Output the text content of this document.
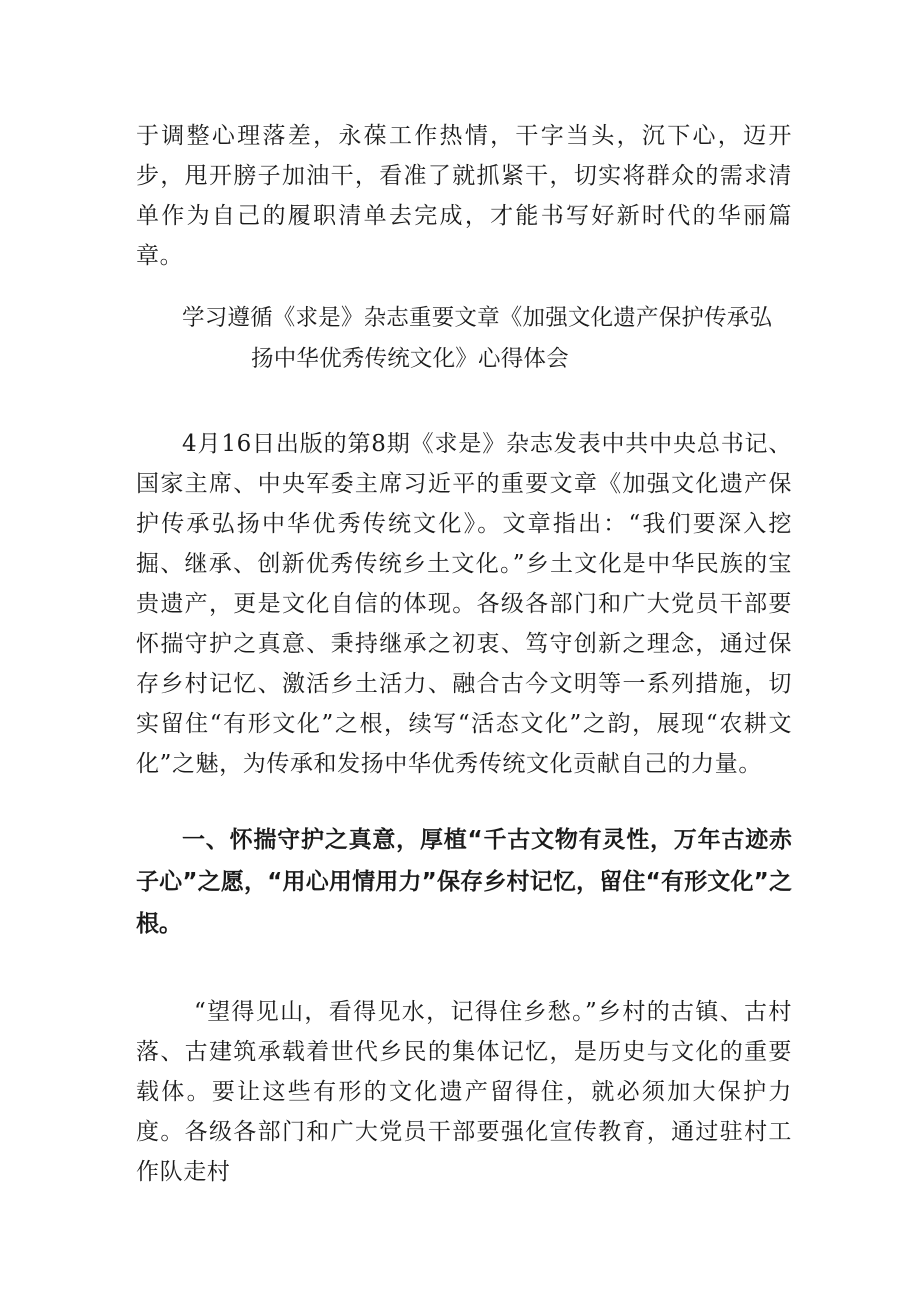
于调整心理落差，永葆工作热情，干字当头，沉下心，迈开步，甩开膀子加油干，看准了就抓紧干，切实将群众的需求清单作为自己的履职清单去完成，才能书写好新时代的华丽篇章。

学习遵循《求是》杂志重要文章《加强文化遗产保护传承弘
扬中华优秀传统文化》心得体会

4月16日出版的第8期《求是》杂志发表中共中央总书记、国家主席、中央军委主席习近平的重要文章《加强文化遗产保护传承弘扬中华优秀传统文化》。文章指出：“我们要深入挖掘、继承、创新优秀传统乡土文化。”乡土文化是中华民族的宝贵遗产，更是文化自信的体现。各级各部门和广大党员干部要怀揣守护之真意、秉持继承之初衷、笃守创新之理念，通过保存乡村记忆、激活乡土活力、融合古今文明等一系列措施，切实留住“有形文化”之根，续写“活态文化”之韵，展现“农耕文化”之魅，为传承和发扬中华优秀传统文化贡献自己的力量。

一、怀揣守护之真意，厚植“千古文物有灵性，万年古迹赤子心”之愿，“用心用情用力”保存乡村记忆，留住“有形文化”之根。

“望得见山，看得见水，记得住乡愁。”乡村的古镇、古村落、古建筑承载着世代乡民的集体记忆，是历史与文化的重要载体。要让这些有形的文化遗产留得住，就必须加大保护力度。各级各部门和广大党员干部要强化宣传教育，通过驻村工作队走村
